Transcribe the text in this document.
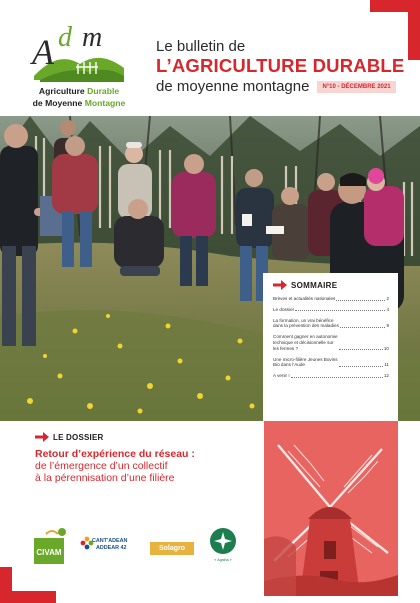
A d m
Agriculture Durable
de Moyenne Montagne
Le bulletin de
L’AGRICULTURE DURABLE
de moyenne montagne	N°10 - DÉCEMBRE 2021
SOMMAIRE
Brèves et actualités nationales	2
Le dossier	4
La formation, un vrai bénéfice
dans la prévention des maladies	9
Comment gagner en autonomie
technique et décisionnelle sur
les fermes ?	10
Une micro-filière Jeunes Bovins
Bio dans l’Aude	11
A venir !	12
LE DOSSIER
Retour d’expérience du réseau :
de l’émergence d’un collectif
à la pérennisation d’une filière
CIVAM
CANT'ADEAN
ADDEAR 42	Solagro
« Agatha »
